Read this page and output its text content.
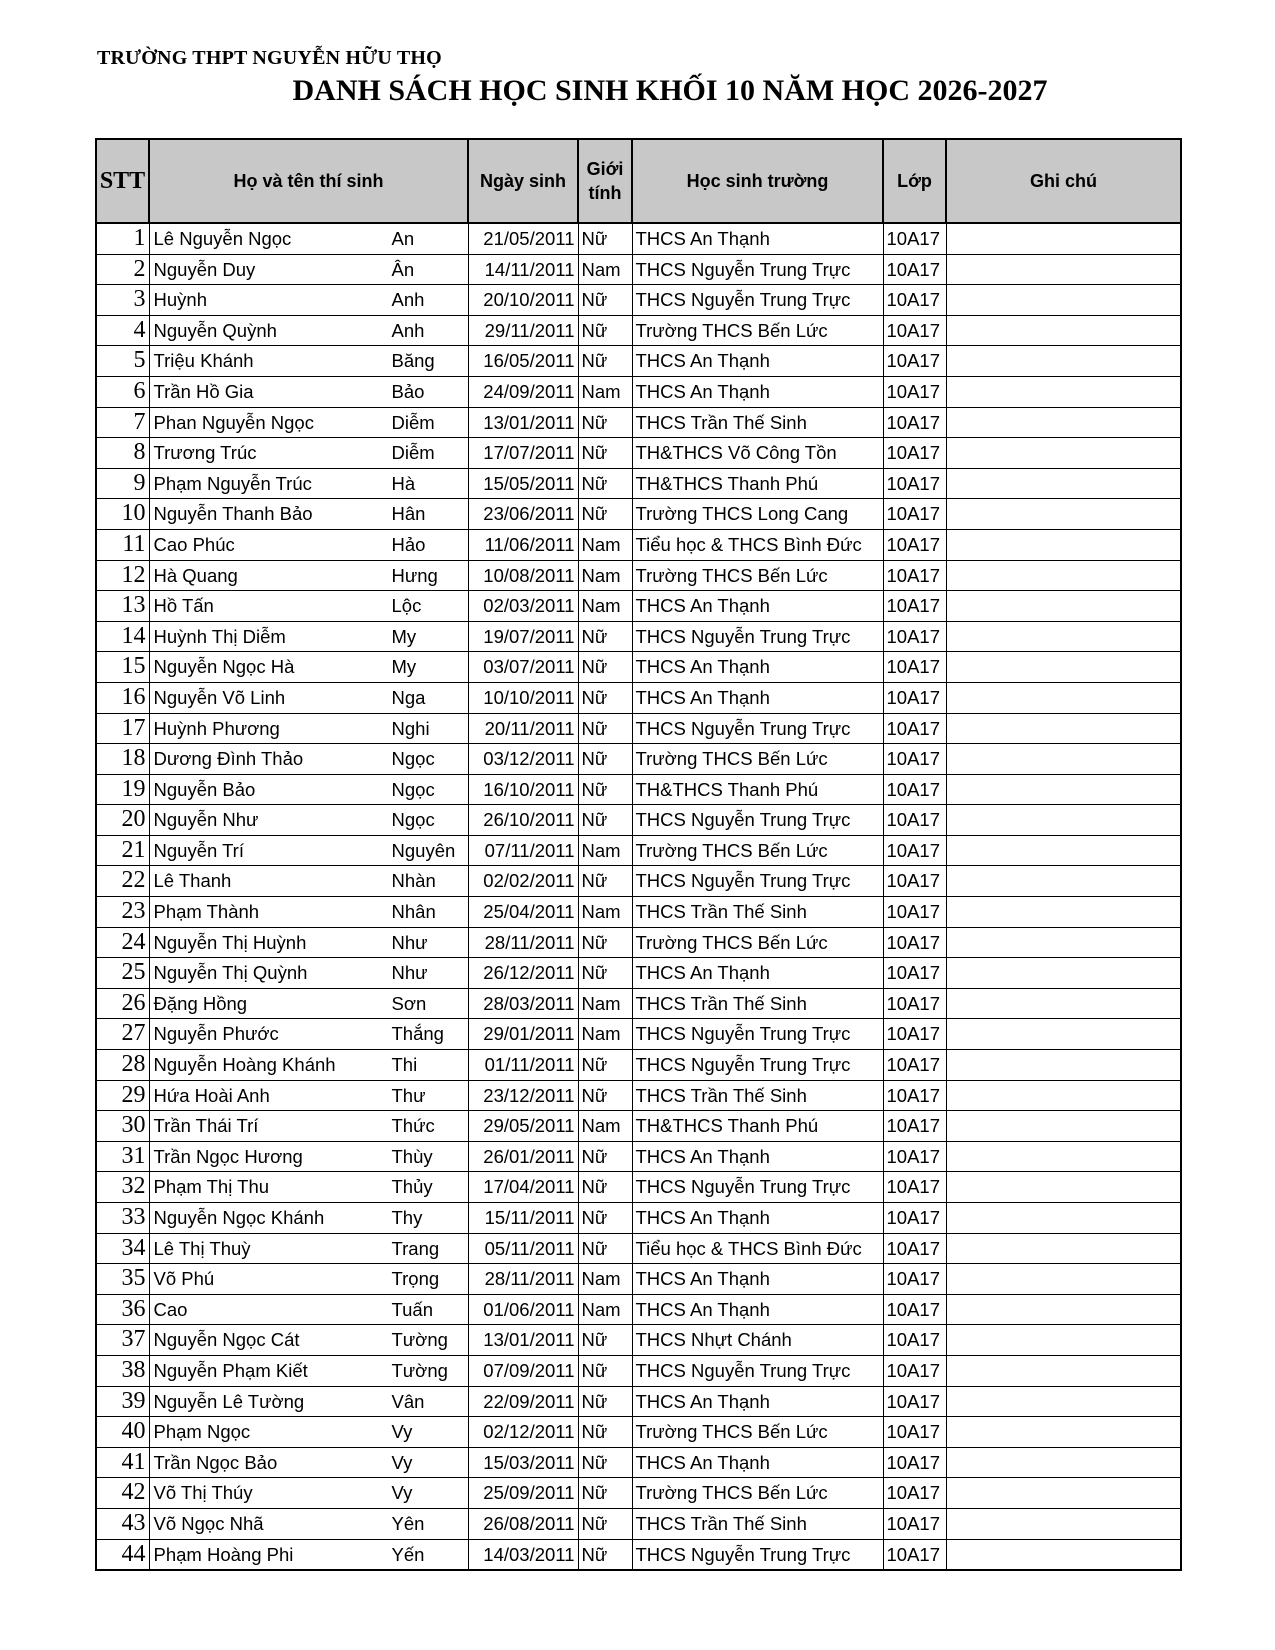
TRƯỜNG THPT NGUYỄN HỮU THỌ
DANH SÁCH HỌC SINH KHỐI 10 NĂM HỌC 2026-2027
STT	Họ và tên thí sinh	Ngày sinh	Giới
tính	Học sinh trường	Lớp	Ghi chú
1	Lê Nguyễn Ngọc An	21/05/2011	Nữ	THCS An Thạnh	10A17	
2	Nguyễn Duy Ân	14/11/2011	Nam	THCS Nguyễn Trung Trực	10A17	
3	Huỳnh Anh	20/10/2011	Nữ	THCS Nguyễn Trung Trực	10A17	
4	Nguyễn Quỳnh Anh	29/11/2011	Nữ	Trường THCS Bến Lức	10A17	
5	Triệu Khánh Băng	16/05/2011	Nữ	THCS An Thạnh	10A17	
6	Trần Hồ Gia Bảo	24/09/2011	Nam	THCS An Thạnh	10A17	
7	Phan Nguyễn Ngọc Diễm	13/01/2011	Nữ	THCS Trần Thế Sinh	10A17	
8	Trương Trúc Diễm	17/07/2011	Nữ	TH&THCS Võ Công Tồn	10A17	
9	Phạm Nguyễn Trúc Hà	15/05/2011	Nữ	TH&THCS Thanh Phú	10A17	
10	Nguyễn Thanh Bảo Hân	23/06/2011	Nữ	Trường THCS Long Cang	10A17	
11	Cao Phúc Hảo	11/06/2011	Nam	Tiểu học & THCS Bình Đức	10A17	
12	Hà Quang Hưng	10/08/2011	Nam	Trường THCS Bến Lức	10A17	
13	Hồ Tấn Lộc	02/03/2011	Nam	THCS An Thạnh	10A17	
14	Huỳnh Thị Diễm My	19/07/2011	Nữ	THCS Nguyễn Trung Trực	10A17	
15	Nguyễn Ngọc Hà My	03/07/2011	Nữ	THCS An Thạnh	10A17	
16	Nguyễn Võ Linh Nga	10/10/2011	Nữ	THCS An Thạnh	10A17	
17	Huỳnh Phương Nghi	20/11/2011	Nữ	THCS Nguyễn Trung Trực	10A17	
18	Dương Đình Thảo Ngọc	03/12/2011	Nữ	Trường THCS Bến Lức	10A17	
19	Nguyễn Bảo Ngọc	16/10/2011	Nữ	TH&THCS Thanh Phú	10A17	
20	Nguyễn Như Ngọc	26/10/2011	Nữ	THCS Nguyễn Trung Trực	10A17	
21	Nguyễn Trí Nguyên	07/11/2011	Nam	Trường THCS Bến Lức	10A17	
22	Lê Thanh Nhàn	02/02/2011	Nữ	THCS Nguyễn Trung Trực	10A17	
23	Phạm Thành Nhân	25/04/2011	Nam	THCS Trần Thế Sinh	10A17	
24	Nguyễn Thị Huỳnh Như	28/11/2011	Nữ	Trường THCS Bến Lức	10A17	
25	Nguyễn Thị Quỳnh Như	26/12/2011	Nữ	THCS An Thạnh	10A17	
26	Đặng Hồng Sơn	28/03/2011	Nam	THCS Trần Thế Sinh	10A17	
27	Nguyễn Phước Thắng	29/01/2011	Nam	THCS Nguyễn Trung Trực	10A17	
28	Nguyễn Hoàng Khánh Thi	01/11/2011	Nữ	THCS Nguyễn Trung Trực	10A17	
29	Hứa Hoài Anh Thư	23/12/2011	Nữ	THCS Trần Thế Sinh	10A17	
30	Trần Thái Trí Thức	29/05/2011	Nam	TH&THCS Thanh Phú	10A17	
31	Trần Ngọc Hương Thùy	26/01/2011	Nữ	THCS An Thạnh	10A17	
32	Phạm Thị Thu Thủy	17/04/2011	Nữ	THCS Nguyễn Trung Trực	10A17	
33	Nguyễn Ngọc Khánh Thy	15/11/2011	Nữ	THCS An Thạnh	10A17	
34	Lê Thị Thuỳ Trang	05/11/2011	Nữ	Tiểu học & THCS Bình Đức	10A17	
35	Võ Phú Trọng	28/11/2011	Nam	THCS An Thạnh	10A17	
36	Cao Tuấn	01/06/2011	Nam	THCS An Thạnh	10A17	
37	Nguyễn Ngọc Cát Tường	13/01/2011	Nữ	THCS Nhựt Chánh	10A17	
38	Nguyễn Phạm Kiết Tường	07/09/2011	Nữ	THCS Nguyễn Trung Trực	10A17	
39	Nguyễn Lê Tường Vân	22/09/2011	Nữ	THCS An Thạnh	10A17	
40	Phạm Ngọc Vy	02/12/2011	Nữ	Trường THCS Bến Lức	10A17	
41	Trần Ngọc Bảo Vy	15/03/2011	Nữ	THCS An Thạnh	10A17	
42	Võ Thị Thúy Vy	25/09/2011	Nữ	Trường THCS Bến Lức	10A17	
43	Võ Ngọc Nhã Yên	26/08/2011	Nữ	THCS Trần Thế Sinh	10A17	
44	Phạm Hoàng Phi Yến	14/03/2011	Nữ	THCS Nguyễn Trung Trực	10A17	
